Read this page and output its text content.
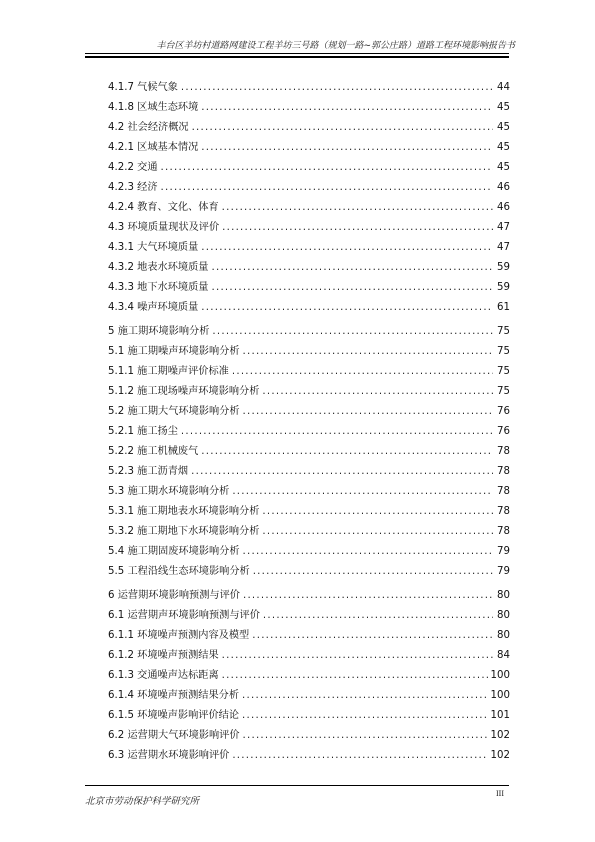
丰台区羊坊村道路网建设工程羊坊三号路（规划一路~郭公庄路）道路工程环境影响报告书
4.1.7 气候气象 . . .	44
4.1.8 区域生态环境 . . .	45
4.2 社会经济概况 . . .	45
4.2.1 区域基本情况 . . .	45
4.2.2 交通 . . .	45
4.2.3 经济 . . .	46
4.2.4 教育、文化、体育 . . .	46
4.3 环境质量现状及评价 . . .	47
4.3.1 大气环境质量 . . .	47
4.3.2 地表水环境质量 . . .	59
4.3.3 地下水环境质量 . . .	59
4.3.4 噪声环境质量 . . .	61
5 施工期环境影响分析 . . .	75
5.1 施工期噪声环境影响分析 . . .	75
5.1.1 施工期噪声评价标准 . . .	75
5.1.2 施工现场噪声环境影响分析 . . .	75
5.2 施工期大气环境影响分析 . . .	76
5.2.1 施工扬尘 . . .	76
5.2.2 施工机械废气 . . .	78
5.2.3 施工沥青烟 . . .	78
5.3 施工期水环境影响分析 . . .	78
5.3.1 施工期地表水环境影响分析 . . .	78
5.3.2 施工期地下水环境影响分析 . . .	78
5.4 施工期固废环境影响分析 . . .	79
5.5 工程沿线生态环境影响分析 . . .	79
6 运营期环境影响预测与评价 . . .	80
6.1 运营期声环境影响预测与评价 . . .	80
6.1.1 环境噪声预测内容及模型 . . .	80
6.1.2 环境噪声预测结果 . . .	84
6.1.3 交通噪声达标距离 . . .	100
6.1.4 环境噪声预测结果分析 . . .	100
6.1.5 环境噪声影响评价结论 . . .	101
6.2 运营期大气环境影响评价 . . .	102
6.3 运营期水环境影响评价 . . .	102
北京市劳动保护科学研究所
III
